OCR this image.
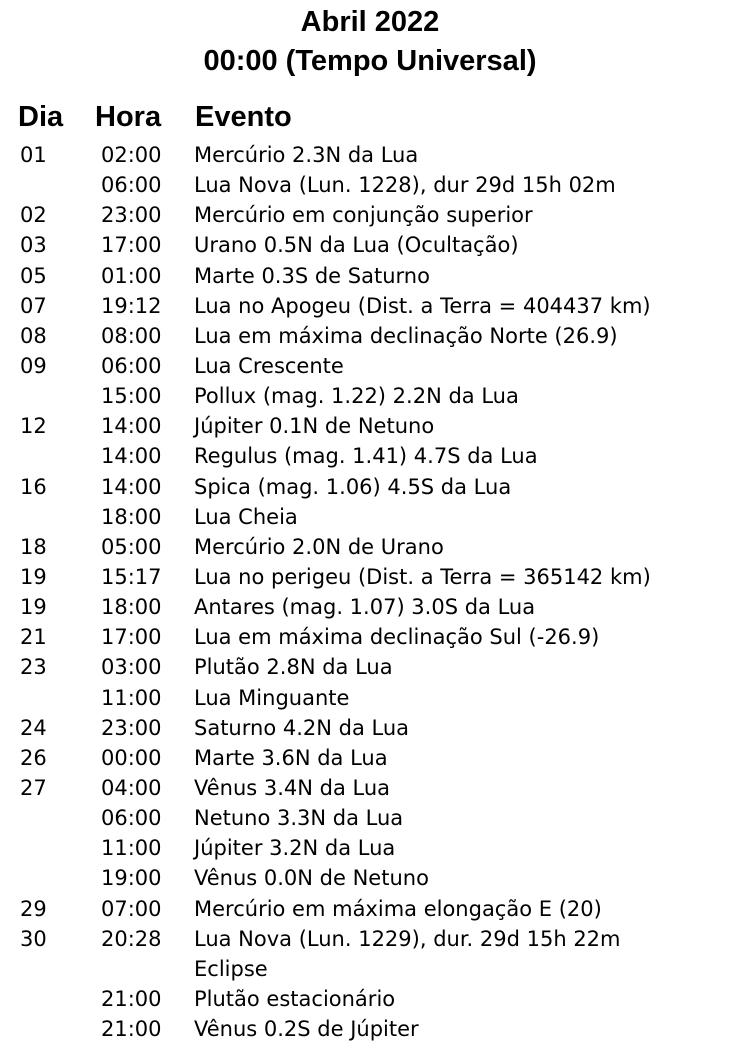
Abril 2022
00:00 (Tempo Universal)
Dia Hora Evento
01	02:00 Mercúrio 2.3N da Lua
06:00 Lua Nova (Lun. 1228), dur 29d 15h 02m
02	23:00 Mercúrio em conjunção superior
03	17:00 Urano 0.5N da Lua (Ocultação)
05	01:00 Marte 0.3S de Saturno
07	19:12 Lua no Apogeu (Dist. a Terra = 404437 km)
08	08:00 Lua em máxima declinação Norte (26.9)
09	06:00 Lua Crescente
15:00 Pollux (mag. 1.22) 2.2N da Lua
12	14:00 Júpiter 0.1N de Netuno
14:00 Regulus (mag. 1.41) 4.7S da Lua
16	14:00 Spica (mag. 1.06) 4.5S da Lua
18:00 Lua Cheia
18	05:00 Mercúrio 2.0N de Urano
19	15:17 Lua no perigeu (Dist. a Terra = 365142 km)
19	18:00 Antares (mag. 1.07) 3.0S da Lua
21	17:00 Lua em máxima declinação Sul (-26.9)
23	03:00 Plutão 2.8N da Lua
11:00 Lua Minguante
24	23:00 Saturno 4.2N da Lua
26	00:00 Marte 3.6N da Lua
27	04:00 Vênus 3.4N da Lua
06:00 Netuno 3.3N da Lua
11:00 Júpiter 3.2N da Lua
19:00 Vênus 0.0N de Netuno
29	07:00 Mercúrio em máxima elongação E (20)
30	20:28 Lua Nova (Lun. 1229), dur. 29d 15h 22m
Eclipse
21:00 Plutão estacionário
21:00 Vênus 0.2S de Júpiter
